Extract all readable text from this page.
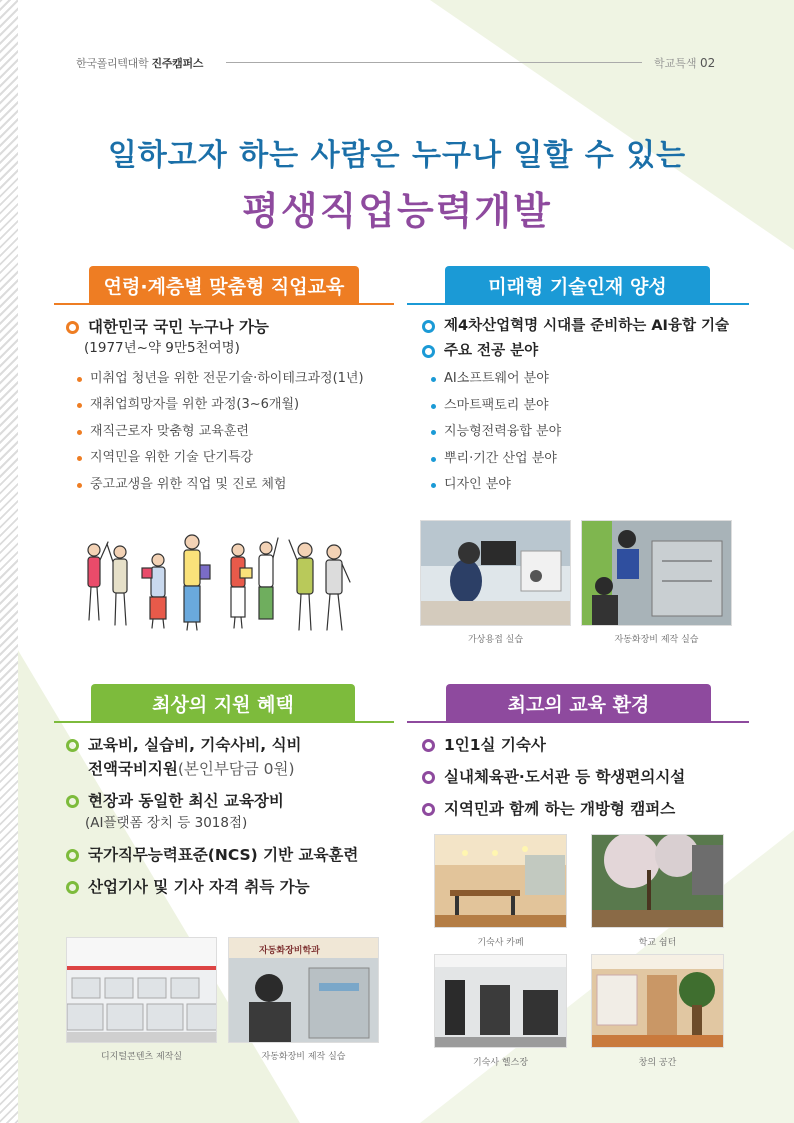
한국폴리텍대학 진주캠퍼스	학교특색 02
일하고자 하는 사람은 누구나 일할 수 있는
평생직업능력개발
연령·계층별 맞춤형 직업교육
대한민국 국민 누구나 가능
(1977년~약 9만5천여명)
미취업 청년을 위한 전문기술·하이테크과정(1년)
재취업희망자를 위한 과정(3~6개월)
재직근로자 맞춤형 교육훈련
지역민을 위한 기술 단기특강
중고교생을 위한 직업 및 진로 체험
미래형 기술인재 양성
제4차산업혁명 시대를 준비하는 AI융합 기술
주요 전공 분야
AI소프트웨어 분야
스마트팩토리 분야
지능형전력융합 분야
뿌리·기간 산업 분야
디자인 분야
가상용접 실습	자동화장비 제작 실습
최상의 지원 혜택
교육비, 실습비, 기숙사비, 식비
전액국비지원 (본인부담금 0원)
현장과 동일한 최신 교육장비
(AI플랫폼 장치 등 3018점)
국가직무능력표준(NCS) 기반 교육훈련
산업기사 및 기사 자격 취득 가능
디지털콘텐츠 제작실
자동화장비학과
자동화장비 제작 실습
최고의 교육 환경
1인1실 기숙사
실내체육관·도서관 등 학생편의시설
지역민과 함께 하는 개방형 캠퍼스
기숙사 카페	학교 쉼터
기숙사 헬스장	창의 공간
